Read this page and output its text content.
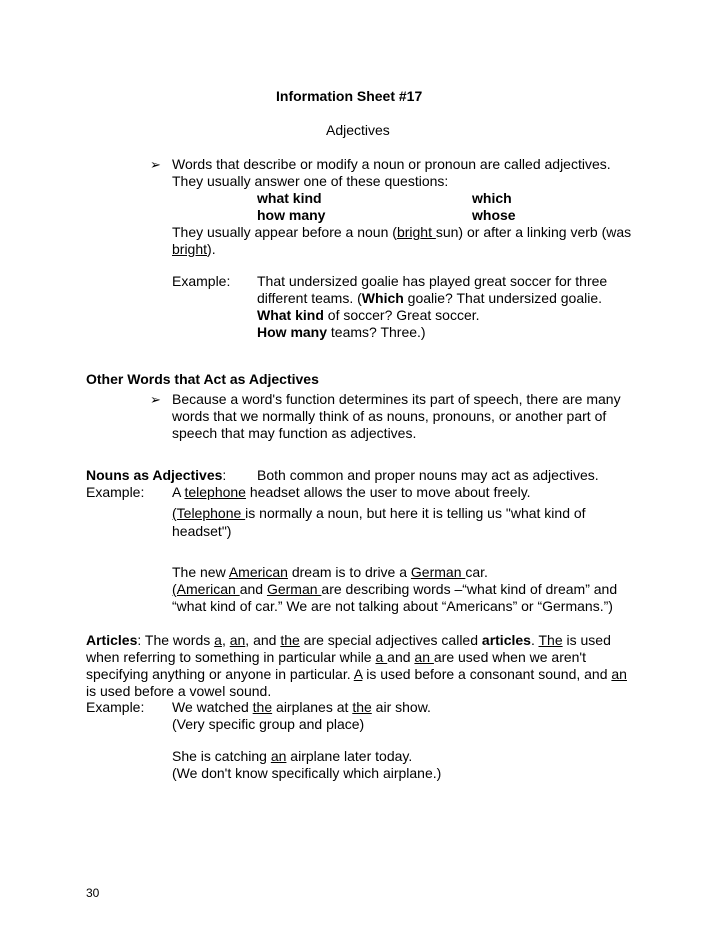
Information Sheet #17
Adjectives
➢ Words that describe or modify a noun or pronoun are called adjectives.
They usually answer one of these questions:
what kind	which
how many	whose
They usually appear before a noun (bright sun) or after a linking verb (was
bright).
Example: That undersized goalie has played great soccer for three
different teams. (Which goalie? That undersized goalie.
What kind of soccer? Great soccer.
How many teams? Three.)
Other Words that Act as Adjectives
➢ Because a word's function determines its part of speech, there are many
words that we normally think of as nouns, pronouns, or another part of
speech that may function as adjectives.
Nouns as Adjectives: Both common and proper nouns may act as adjectives.
Example: A telephone headset allows the user to move about freely.
(Telephone is normally a noun, but here it is telling us "what kind of
headset")
The new American dream is to drive a German car.
(American and German are describing words –“what kind of dream” and
“what kind of car.” We are not talking about “Americans” or “Germans.”)
Articles: The words a, an, and the are special adjectives called articles. The is used
when referring to something in particular while a and an are used when we aren't
specifying anything or anyone in particular. A is used before a consonant sound, and an
is used before a vowel sound.
Example: We watched the airplanes at the air show.
(Very specific group and place)
She is catching an airplane later today.
(We don't know specifically which airplane.)
30
